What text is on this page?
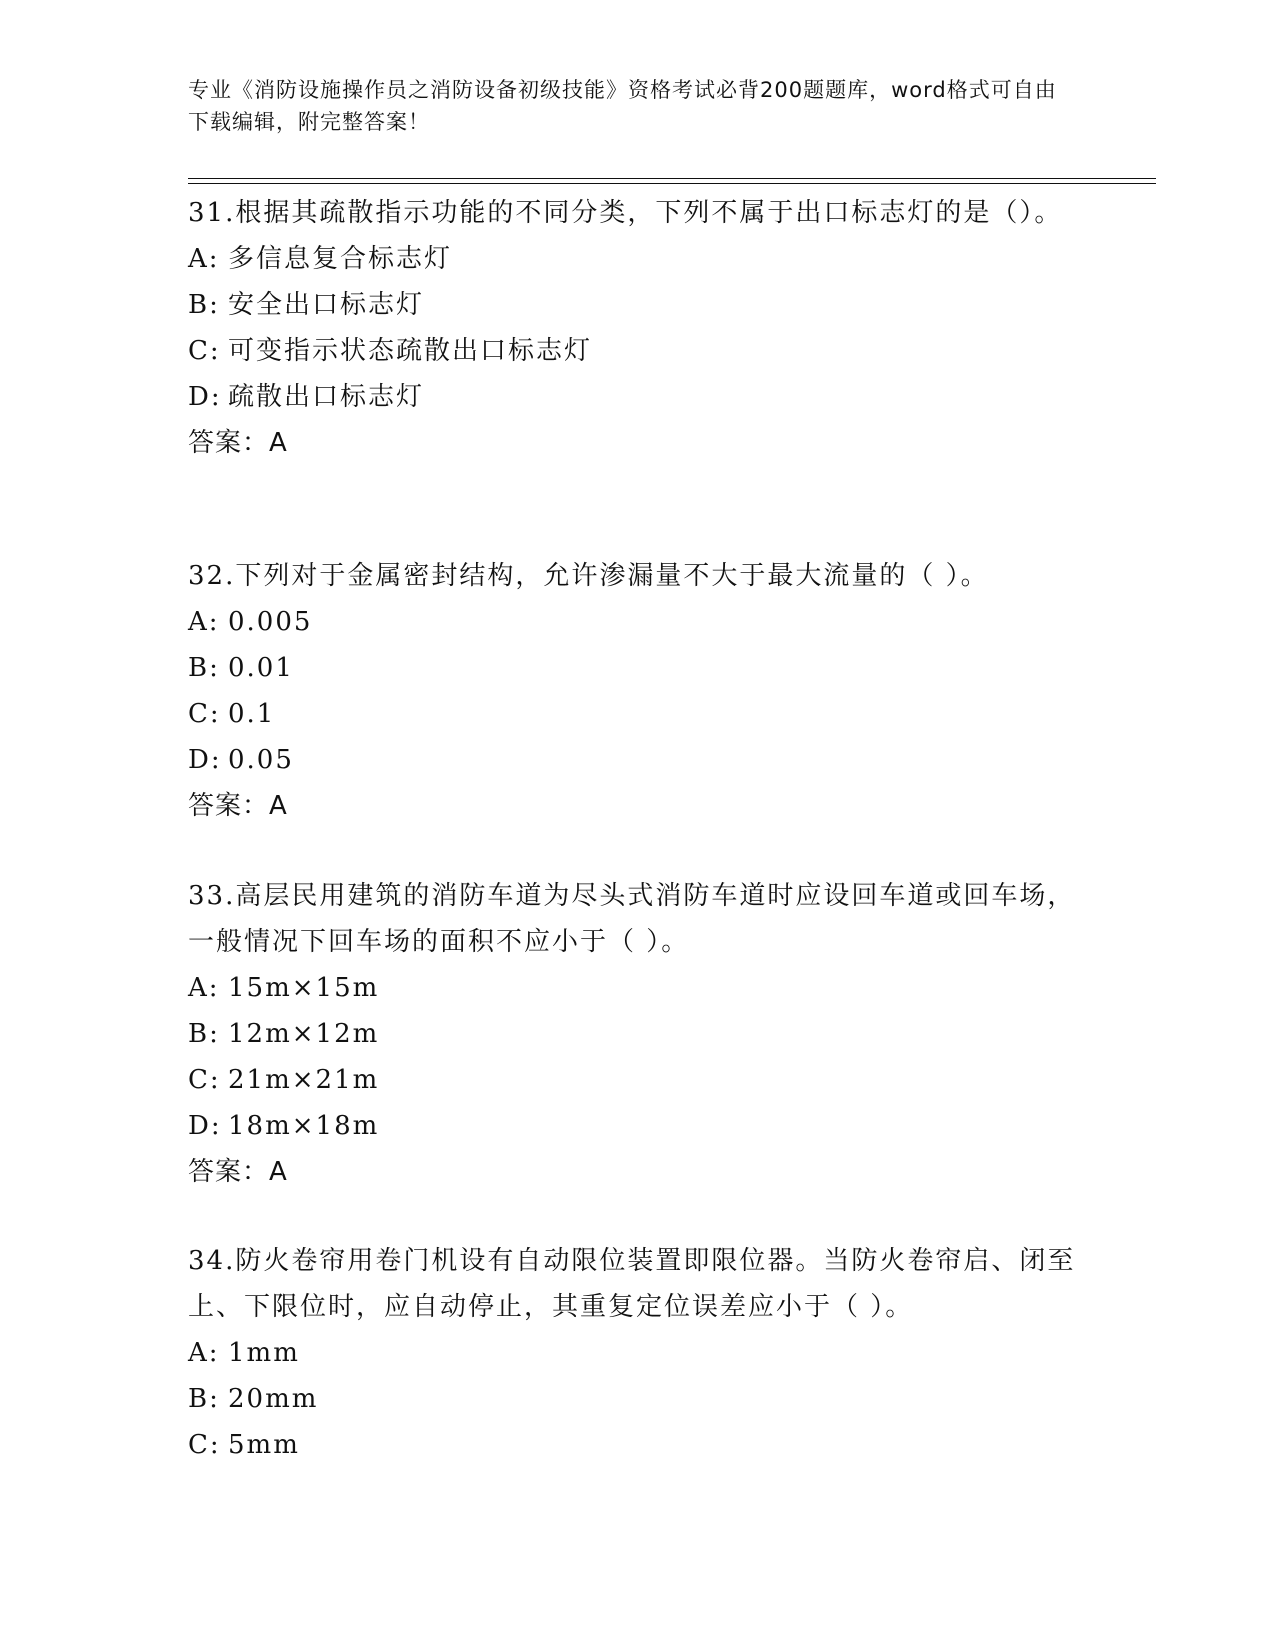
专业《消防设施操作员之消防设备初级技能》资格考试必背200题题库，word格式可自由下载编辑，附完整答案！

31.根据其疏散指示功能的不同分类，下列不属于出口标志灯的是（）。

A: 多信息复合标志灯
B: 安全出口标志灯
C: 可变指示状态疏散出口标志灯
D: 疏散出口标志灯
答案：A

32.下列对于金属密封结构，允许渗漏量不大于最大流量的（ ）。

A: 0.005
B: 0.01
C: 0.1
D: 0.05
答案：A

33.高层民用建筑的消防车道为尽头式消防车道时应设回车道或回车场，一般情况下回车场的面积不应小于（ ）。

A: 15m×15m
B: 12m×12m
C: 21m×21m
D: 18m×18m
答案：A

34.防火卷帘用卷门机设有自动限位装置即限位器。当防火卷帘启、闭至上、下限位时，应自动停止，其重复定位误差应小于（ ）。

A: 1mm
B: 20mm
C: 5mm
